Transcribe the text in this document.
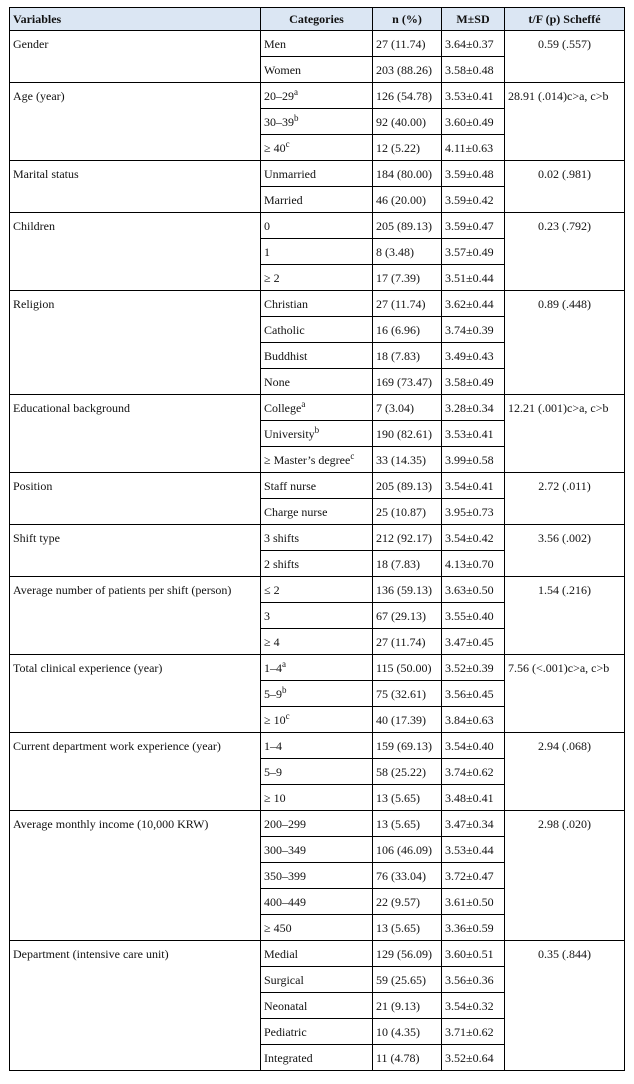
Variables	Categories	n (%)	M±SD	t/F (p) Scheffé
Gender	Men	27 (11.74)	3.64±0.37	0.59 (.557)
	Women	203 (88.26)	3.58±0.48	
Age (year)	20–29$^a$	126 (54.78)	3.53±0.41	28.91 (.014)c>a, c>b
	30–39$^b$	92 (40.00)	3.60±0.49	
	≥ $40^c$	12 (5.22)	4.11±0.63	
Marital status	Unmarried	184 (80.00)	3.59±0.48	0.02 (.981)
	Married	46 (20.00)	3.59±0.42	
Children	0	205 (89.13)	3.59±0.47	0.23 (.792)
	1	8 (3.48)	3.57±0.49	
	≥ 2	17 (7.39)	3.51±0.44	
Religion	Christian	27 (11.74)	3.62±0.44	0.89 (.448)
	Catholic	16 (6.96)	3.74±0.39	
	Buddhist	18 (7.83)	3.49±0.43	
	None	169 (73.47)	3.58±0.49	
Educational background	College$^a$	7 (3.04)	3.28±0.34	12.21 (.001)c>a, c>b
	University$^b$	190 (82.61)	3.53±0.41	
	≥ Master’s degree$^c$	33 (14.35)	3.99±0.58	
Position	Staff nurse	205 (89.13)	3.54±0.41	2.72 (.011)
	Charge nurse	25 (10.87)	3.95±0.73	
Shift type	3 shifts	212 (92.17)	3.54±0.42	3.56 (.002)
	2 shifts	18 (7.83)	4.13±0.70	
Average number of patients per shift (person)	≤ 2	136 (59.13)	3.63±0.50	1.54 (.216)
	3	67 (29.13)	3.55±0.40	
	≥ 4	27 (11.74)	3.47±0.45	
Total clinical experience (year)	1–4$^a$	115 (50.00)	3.52±0.39	7.56 (<.001)c>a, c>b
	5–9$^b$	75 (32.61)	3.56±0.45	
	≥ $10^c$	40 (17.39)	3.84±0.63	
Current department work experience (year)	1–4	159 (69.13)	3.54±0.40	2.94 (.068)
	5–9	58 (25.22)	3.74±0.62	
	≥ 10	13 (5.65)	3.48±0.41	
Average monthly income (10,000 KRW)	200–299	13 (5.65)	3.47±0.34	2.98 (.020)
	300–349	106 (46.09)	3.53±0.44	
	350–399	76 (33.04)	3.72±0.47	
	400–449	22 (9.57)	3.61±0.50	
	≥ 450	13 (5.65)	3.36±0.59	
Department (intensive care unit)	Medial	129 (56.09)	3.60±0.51	0.35 (.844)
	Surgical	59 (25.65)	3.56±0.36	
	Neonatal	21 (9.13)	3.54±0.32	
	Pediatric	10 (4.35)	3.71±0.62	
	Integrated	11 (4.78)	3.52±0.64	
